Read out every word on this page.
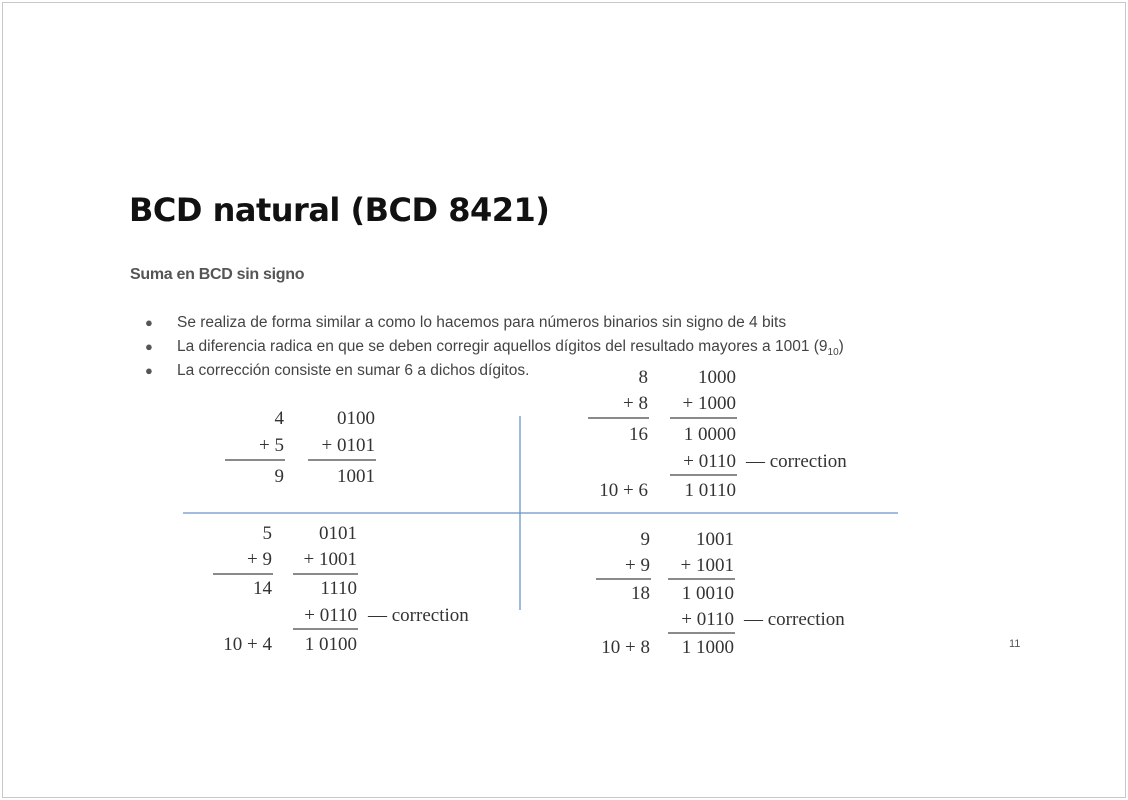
BCD natural (BCD 8421)
Suma en BCD sin signo
● Se realiza de forma similar a como lo hacemos para números binarios sin signo de 4 bits
● La diferencia radica en que se deben corregir aquellos dígitos del resultado mayores a 1001 $(9_{10})$
● La corrección consiste en sumar 6 a dichos dígitos.
11
4
+ 5
9
0100
+ 0101
1001
5
+ 9
14
0101
+ 1001
1110
+ 0110 — correction
10 + 4 1 0100
8
+ 8
16
1000
+ 1000
1 0000
+ 0110 — correction
10 + 6 1 0110
9
+ 9
18
1001
+ 1001
1 0010
+ 0110 — correction
10 + 8 1 1000
